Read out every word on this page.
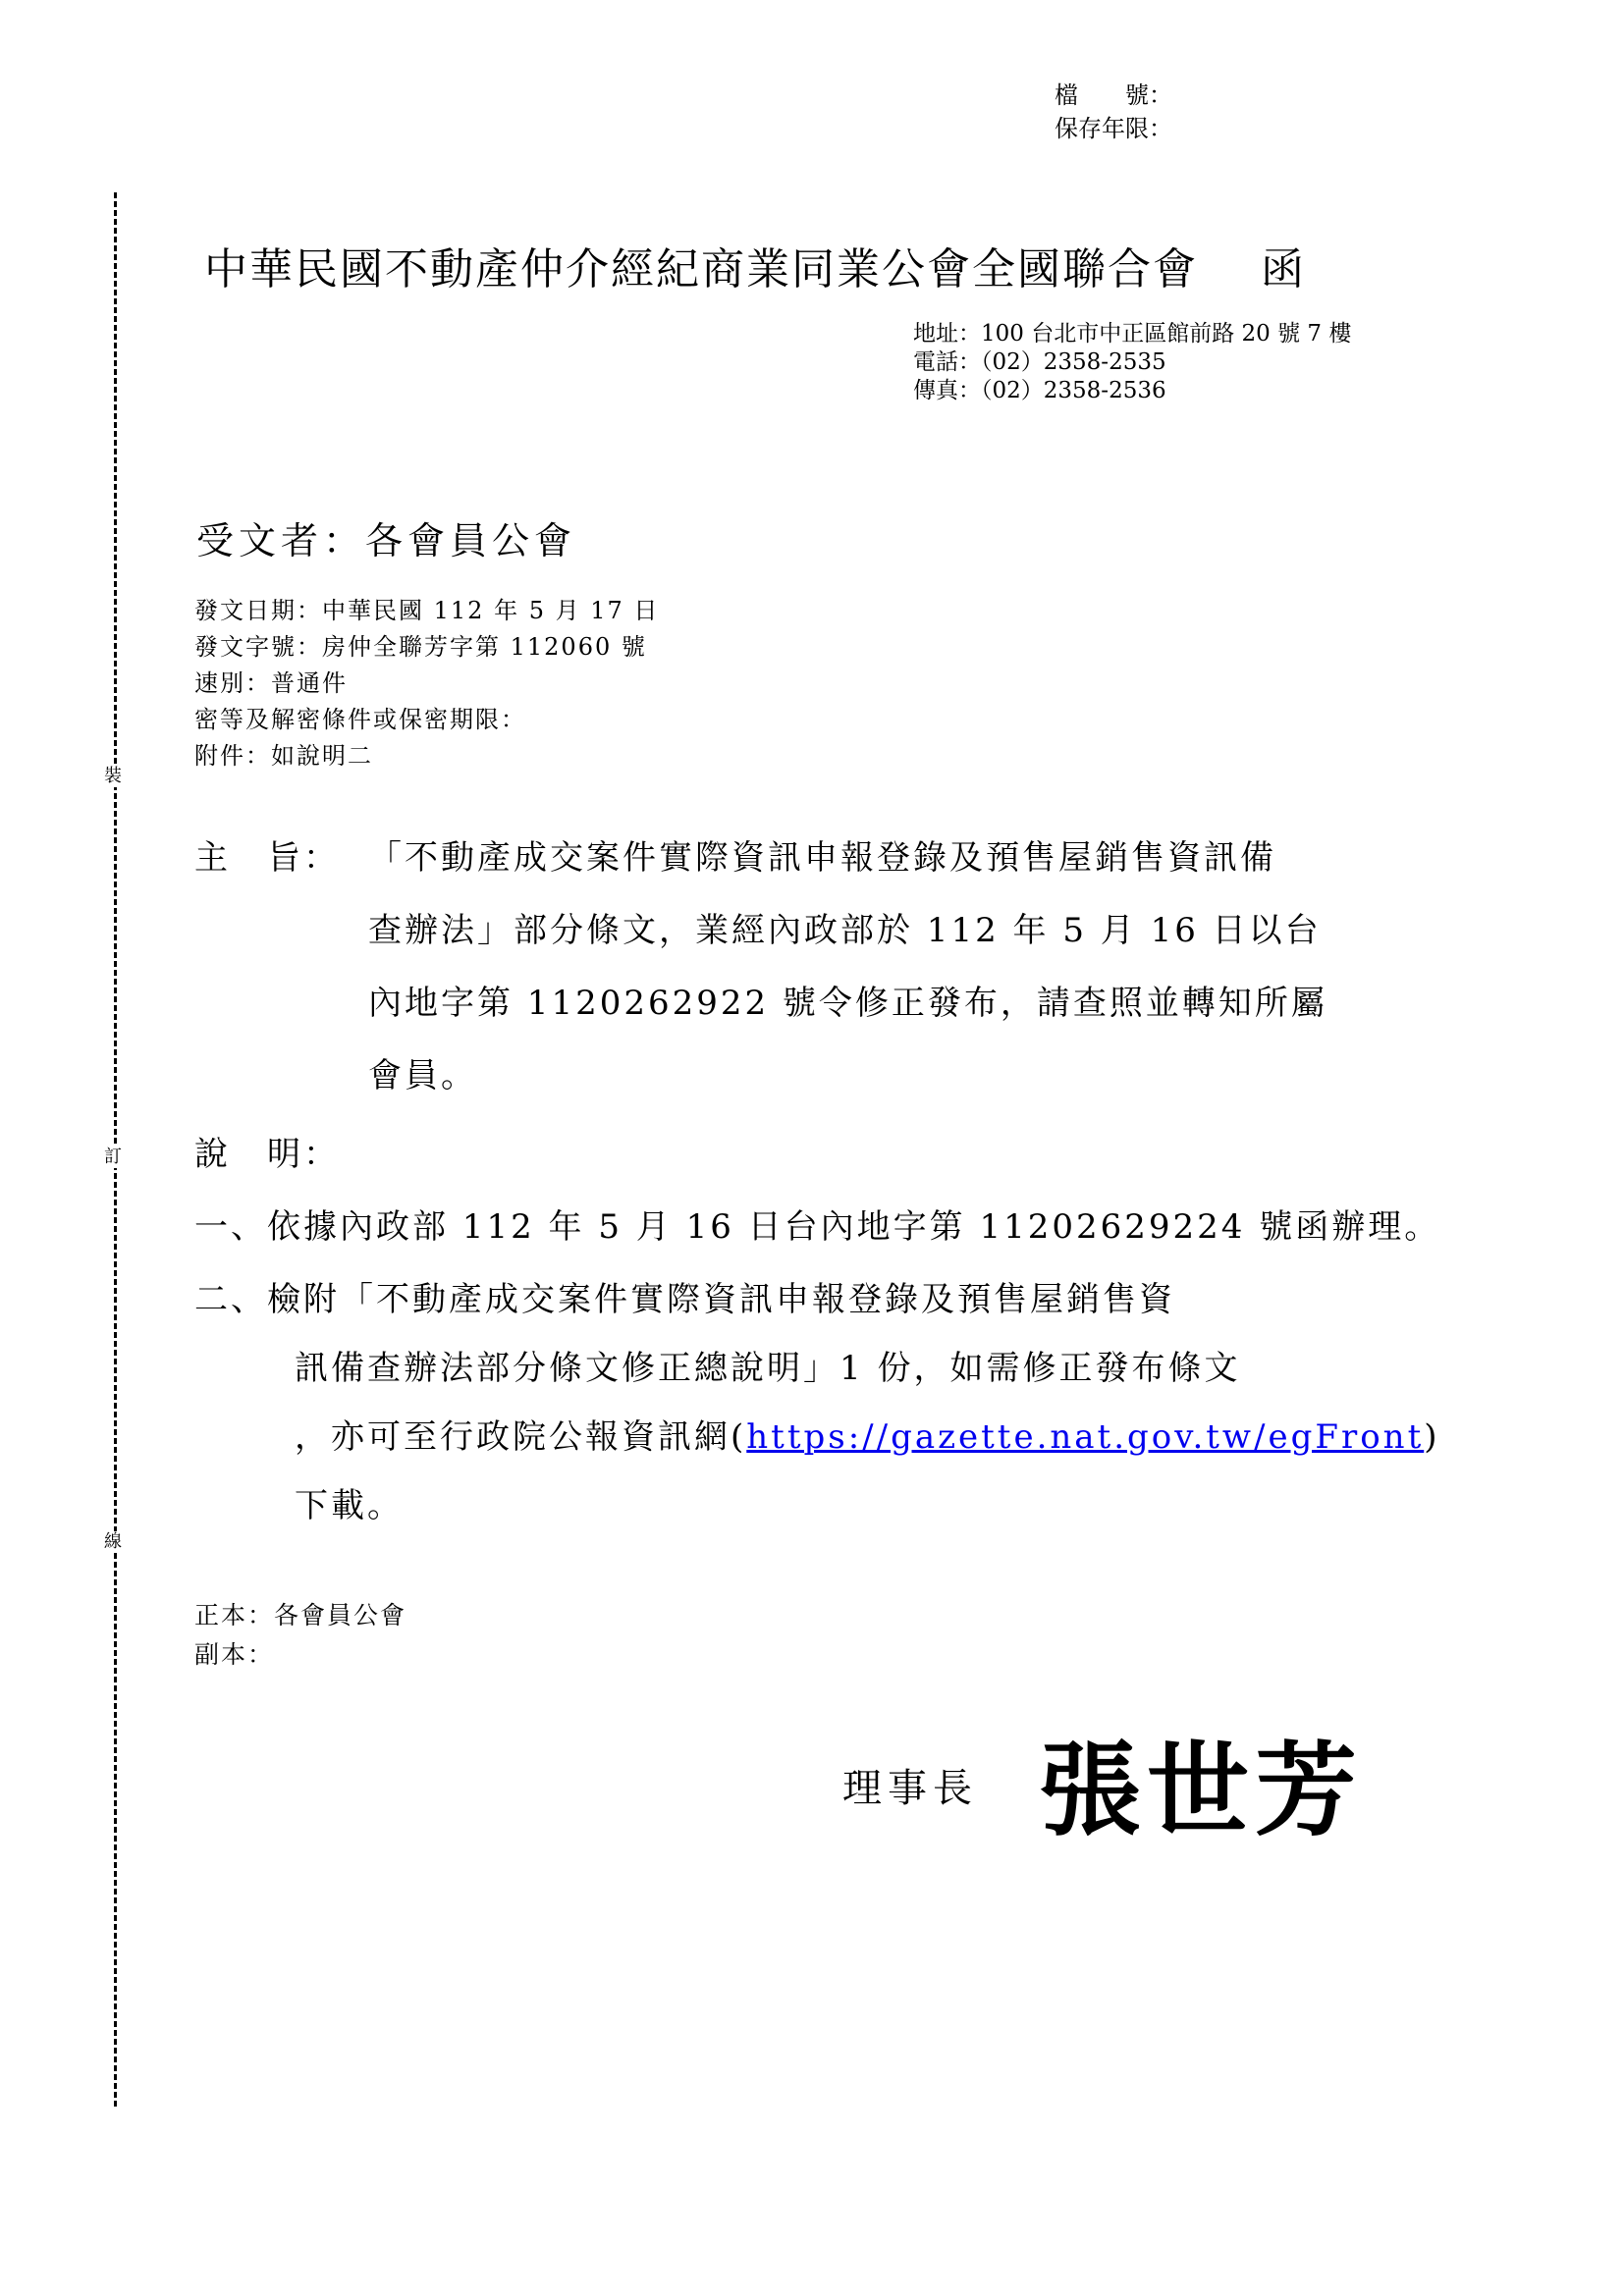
檔　　號：
保存年限：
裝
訂
線
中華民國不動產仲介經紀商業同業公會全國聯合會 函
地址：100 台北市中正區館前路 20 號 7 樓
電話：（02）2358-2535
傳真：（02）2358-2536
受文者：各會員公會
發文日期：中華民國 112 年 5 月 17 日
發文字號：房仲全聯芳字第 112060 號
速別：普通件
密等及解密條件或保密期限：
附件：如說明二
主　旨： 「不動產成交案件實際資訊申報登錄及預售屋銷售資訊備
查辦法」部分條文，業經內政部於 112 年 5 月 16 日以台
內地字第 1120262922 號令修正發布，請查照並轉知所屬
會員。
說　明：
一、依據內政部 112 年 5 月 16 日台內地字第 11202629224 號函辦理。
二、檢附「不動產成交案件實際資訊申報登錄及預售屋銷售資
訊備查辦法部分條文修正總說明」1 份，如需修正發布條文
，亦可至行政院公報資訊網(https://gazette.nat.gov.tw/egFront)
下載。
正本：各會員公會
副本：
理事長 張世芳
